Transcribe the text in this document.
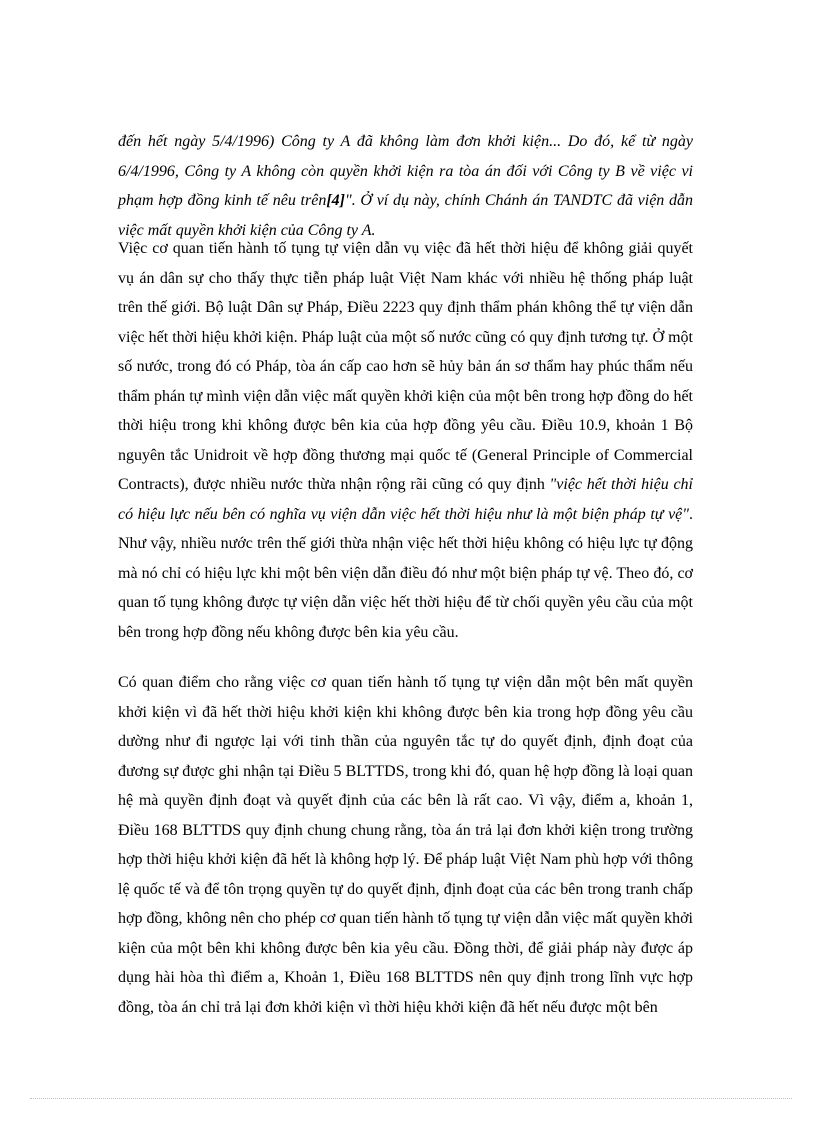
đến hết ngày 5/4/1996) Công ty A đã không làm đơn khởi kiện... Do đó, kể từ ngày 6/4/1996, Công ty A không còn quyền khởi kiện ra tòa án đối với Công ty B về việc vi phạm hợp đồng kinh tế nêu trên[4]". Ở ví dụ này, chính Chánh án TANDTC đã viện dẫn việc mất quyền khởi kiện của Công ty A.

Việc cơ quan tiến hành tố tụng tự viện dẫn vụ việc đã hết thời hiệu để không giải quyết vụ án dân sự cho thấy thực tiễn pháp luật Việt Nam khác với nhiều hệ thống pháp luật trên thế giới. Bộ luật Dân sự Pháp, Điều 2223 quy định thẩm phán không thể tự viện dẫn việc hết thời hiệu khởi kiện. Pháp luật của một số nước cũng có quy định tương tự. Ở một số nước, trong đó có Pháp, tòa án cấp cao hơn sẽ hủy bản án sơ thẩm hay phúc thẩm nếu thẩm phán tự mình viện dẫn việc mất quyền khởi kiện của một bên trong hợp đồng do hết thời hiệu trong khi không được bên kia của hợp đồng yêu cầu. Điều 10.9, khoản 1 Bộ nguyên tắc Unidroit về hợp đồng thương mại quốc tế (General Principle of Commercial Contracts), được nhiều nước thừa nhận rộng rãi cũng có quy định "việc hết thời hiệu chỉ có hiệu lực nếu bên có nghĩa vụ viện dẫn việc hết thời hiệu như là một biện pháp tự vệ". Như vậy, nhiều nước trên thế giới thừa nhận việc hết thời hiệu không có hiệu lực tự động mà nó chỉ có hiệu lực khi một bên viện dẫn điều đó như một biện pháp tự vệ. Theo đó, cơ quan tố tụng không được tự viện dẫn việc hết thời hiệu để từ chối quyền yêu cầu của một bên trong hợp đồng nếu không được bên kia yêu cầu.

Có quan điểm cho rằng việc cơ quan tiến hành tố tụng tự viện dẫn một bên mất quyền khởi kiện vì đã hết thời hiệu khởi kiện khi không được bên kia trong hợp đồng yêu cầu dường như đi ngược lại với tinh thần của nguyên tắc tự do quyết định, định đoạt của đương sự được ghi nhận tại Điều 5 BLTTDS, trong khi đó, quan hệ hợp đồng là loại quan hệ mà quyền định đoạt và quyết định của các bên là rất cao. Vì vậy, điểm a, khoản 1, Điều 168 BLTTDS quy định chung chung rằng, tòa án trả lại đơn khởi kiện trong trường hợp thời hiệu khởi kiện đã hết là không hợp lý. Để pháp luật Việt Nam phù hợp với thông lệ quốc tế và để tôn trọng quyền tự do quyết định, định đoạt của các bên trong tranh chấp hợp đồng, không nên cho phép cơ quan tiến hành tố tụng tự viện dẫn việc mất quyền khởi kiện của một bên khi không được bên kia yêu cầu. Đồng thời, để giải pháp này được áp dụng hài hòa thì điểm a, Khoản 1, Điều 168 BLTTDS nên quy định trong lĩnh vực hợp đồng, tòa án chỉ trả lại đơn khởi kiện vì thời hiệu khởi kiện đã hết nếu được một bên
